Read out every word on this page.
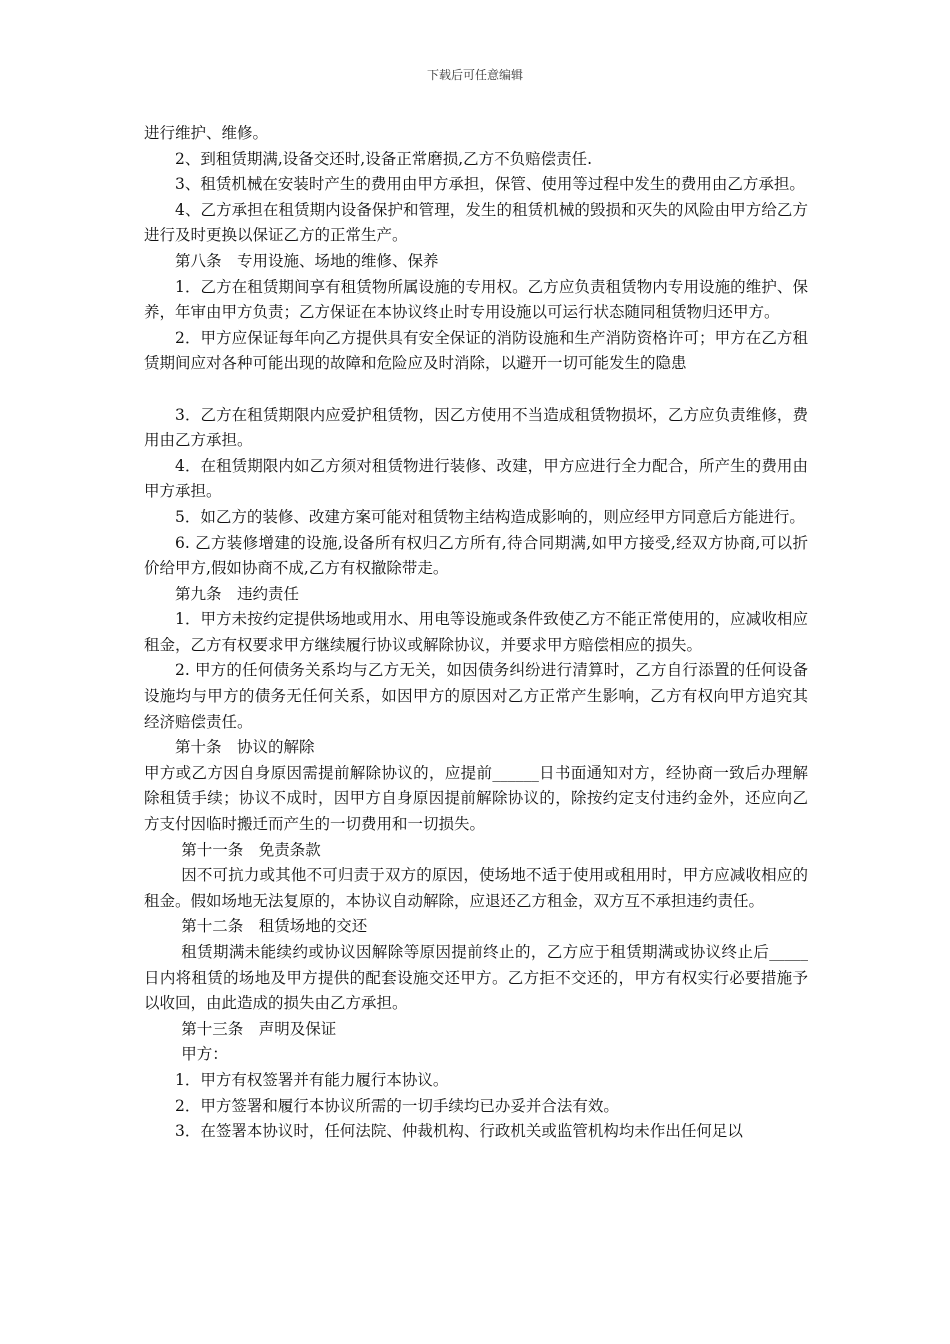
下载后可任意编辑

进行维护、维修。

2、到租赁期满,设备交还时,设备正常磨损,乙方不负赔偿责任.

3、租赁机械在安装时产生的费用由甲方承担，保管、使用等过程中发生的费用由乙方承担。

4、乙方承担在租赁期内设备保护和管理，发生的租赁机械的毁损和灭失的风险由甲方给乙方进行及时更换以保证乙方的正常生产。

第八条　专用设施、场地的维修、保养

1．乙方在租赁期间享有租赁物所属设施的专用权。乙方应负责租赁物内专用设施的维护、保养，年审由甲方负责；乙方保证在本协议终止时专用设施以可运行状态随同租赁物归还甲方。

2．甲方应保证每年向乙方提供具有安全保证的消防设施和生产消防资格许可；甲方在乙方租赁期间应对各种可能出现的故障和危险应及时消除，以避开一切可能发生的隐患

3．乙方在租赁期限内应爱护租赁物，因乙方使用不当造成租赁物损坏，乙方应负责维修，费用由乙方承担。

4．在租赁期限内如乙方须对租赁物进行装修、改建，甲方应进行全力配合，所产生的费用由甲方承担。

5．如乙方的装修、改建方案可能对租赁物主结构造成影响的，则应经甲方同意后方能进行。

6. 乙方装修增建的设施,设备所有权归乙方所有,待合同期满,如甲方接受,经双方协商,可以折价给甲方,假如协商不成,乙方有权撤除带走。

第九条　违约责任

1．甲方未按约定提供场地或用水、用电等设施或条件致使乙方不能正常使用的，应减收相应租金，乙方有权要求甲方继续履行协议或解除协议，并要求甲方赔偿相应的损失。

2. 甲方的任何债务关系均与乙方无关，如因债务纠纷进行清算时，乙方自行添置的任何设备设施均与甲方的债务无任何关系，如因甲方的原因对乙方正常产生影响，乙方有权向甲方追究其经济赔偿责任。

第十条　协议的解除

甲方或乙方因自身原因需提前解除协议的，应提前______日书面通知对方，经协商一致后办理解除租赁手续；协议不成时，因甲方自身原因提前解除协议的，除按约定支付违约金外，还应向乙方支付因临时搬迁而产生的一切费用和一切损失。

第十一条　免责条款

因不可抗力或其他不可归责于双方的原因，使场地不适于使用或租用时，甲方应减收相应的租金。假如场地无法复原的，本协议自动解除，应退还乙方租金，双方互不承担违约责任。

第十二条　租赁场地的交还

租赁期满未能续约或协议因解除等原因提前终止的，乙方应于租赁期满或协议终止后_____日内将租赁的场地及甲方提供的配套设施交还甲方。乙方拒不交还的，甲方有权实行必要措施予以收回，由此造成的损失由乙方承担。

第十三条　声明及保证

甲方：

1．甲方有权签署并有能力履行本协议。

2．甲方签署和履行本协议所需的一切手续均已办妥并合法有效。

3．在签署本协议时，任何法院、仲裁机构、行政机关或监管机构均未作出任何足以
